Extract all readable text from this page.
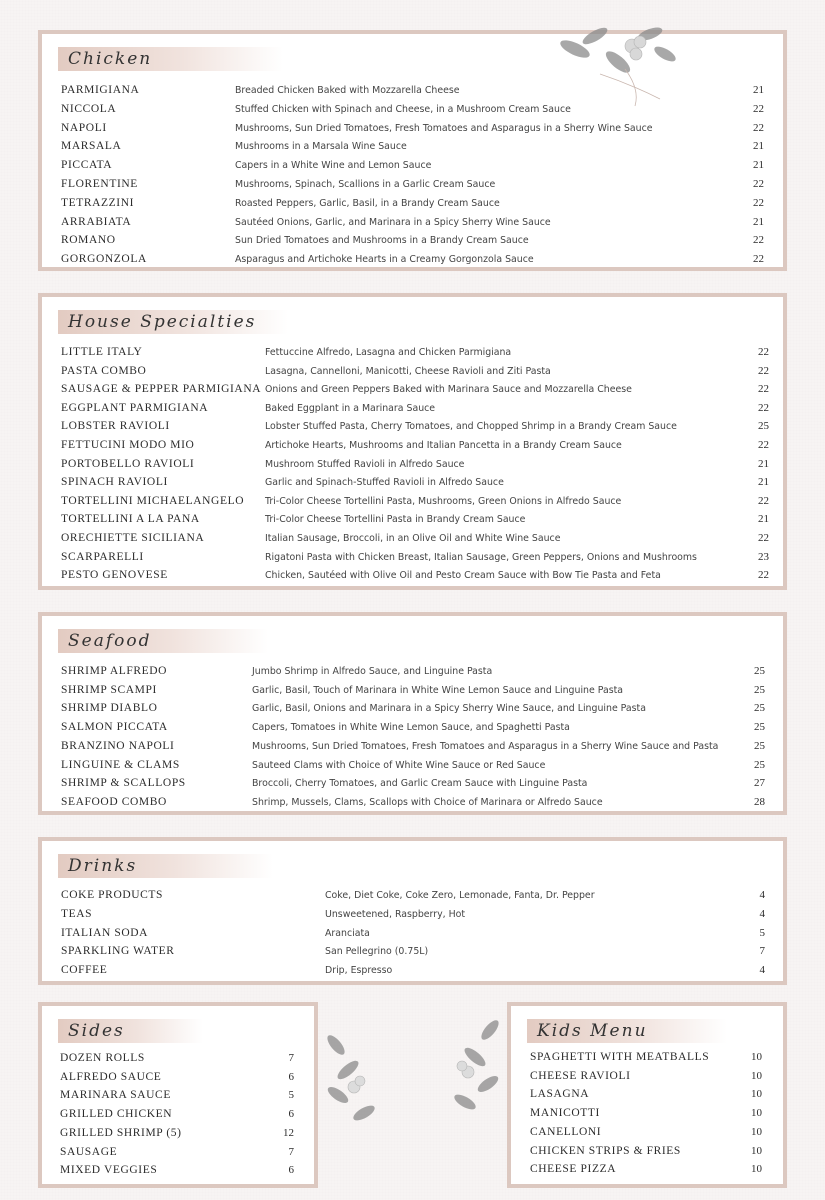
Chicken
PARMIGIANA	Breaded Chicken Baked with Mozzarella Cheese	21
NICCOLA	Stuffed Chicken with Spinach and Cheese, in a Mushroom Cream Sauce	22
NAPOLI	Mushrooms, Sun Dried Tomatoes, Fresh Tomatoes and Asparagus in a Sherry Wine Sauce	22
MARSALA	Mushrooms in a Marsala Wine Sauce	21
PICCATA	Capers in a White Wine and Lemon Sauce	21
FLORENTINE	Mushrooms, Spinach, Scallions in a Garlic Cream Sauce	22
TETRAZZINI	Roasted Peppers, Garlic, Basil, in a Brandy Cream Sauce	22
ARRABIATA	Sautéed Onions, Garlic, and Marinara in a Spicy Sherry Wine Sauce	21
ROMANO	Sun Dried Tomatoes and Mushrooms in a Brandy Cream Sauce	22
GORGONZOLA	Asparagus and Artichoke Hearts in a Creamy Gorgonzola Sauce	22
House Specialties
LITTLE ITALY	Fettuccine Alfredo, Lasagna and Chicken Parmigiana	22
PASTA COMBO	Lasagna, Cannelloni, Manicotti, Cheese Ravioli and Ziti Pasta	22
SAUSAGE & PEPPER PARMIGIANA Onions and Green Peppers Baked with Marinara Sauce and Mozzarella Cheese	22
EGGPLANT PARMIGIANA	Baked Eggplant in a Marinara Sauce	22
LOBSTER RAVIOLI	Lobster Stuffed Pasta, Cherry Tomatoes, and Chopped Shrimp in a Brandy Cream Sauce	25
FETTUCINI MODO MIO	Artichoke Hearts, Mushrooms and Italian Pancetta in a Brandy Cream Sauce	22
PORTOBELLO RAVIOLI	Mushroom Stuffed Ravioli in Alfredo Sauce	21
SPINACH RAVIOLI	Garlic and Spinach-Stuffed Ravioli in Alfredo Sauce	21
TORTELLINI MICHAELANGELO Tri-Color Cheese Tortellini Pasta, Mushrooms, Green Onions in Alfredo Sauce	22
TORTELLINI A LA PANA	Tri-Color Cheese Tortellini Pasta in Brandy Cream Sauce	21
ORECHIETTE SICILIANA	Italian Sausage, Broccoli, in an Olive Oil and White Wine Sauce	22
SCARPARELLI	Rigatoni Pasta with Chicken Breast, Italian Sausage, Green Peppers, Onions and Mushrooms	23
PESTO GENOVESE	Chicken, Sautéed with Olive Oil and Pesto Cream Sauce with Bow Tie Pasta and Feta	22
Seafood
SHRIMP ALFREDO	Jumbo Shrimp in Alfredo Sauce, and Linguine Pasta	25
SHRIMP SCAMPI	Garlic, Basil, Touch of Marinara in White Wine Lemon Sauce and Linguine Pasta	25
SHRIMP DIABLO	Garlic, Basil, Onions and Marinara in a Spicy Sherry Wine Sauce, and Linguine Pasta	25
SALMON PICCATA	Capers, Tomatoes in White Wine Lemon Sauce, and Spaghetti Pasta	25
BRANZINO NAPOLI	Mushrooms, Sun Dried Tomatoes, Fresh Tomatoes and Asparagus in a Sherry Wine Sauce and Pasta	25
LINGUINE & CLAMS	Sauteed Clams with Choice of White Wine Sauce or Red Sauce	25
SHRIMP & SCALLOPS	Broccoli, Cherry Tomatoes, and Garlic Cream Sauce with Linguine Pasta	27
SEAFOOD COMBO	Shrimp, Mussels, Clams, Scallops with Choice of Marinara or Alfredo Sauce	28
Drinks
COKE PRODUCTS	Coke, Diet Coke, Coke Zero, Lemonade, Fanta, Dr. Pepper	4
TEAS	Unsweetened, Raspberry, Hot	4
ITALIAN SODA	Aranciata	5
SPARKLING WATER	San Pellegrino (0.75L)	7
COFFEE	Drip, Espresso	4
Sides
DOZEN ROLLS	7
ALFREDO SAUCE	6
MARINARA SAUCE	5
GRILLED CHICKEN	6
GRILLED SHRIMP (5)	12
SAUSAGE	7
MIXED VEGGIES	6
Kids Menu
SPAGHETTI WITH MEATBALLS	10
CHEESE RAVIOLI	10
LASAGNA	10
MANICOTTI	10
CANELLONI	10
CHICKEN STRIPS & FRIES	10
CHEESE PIZZA	10
